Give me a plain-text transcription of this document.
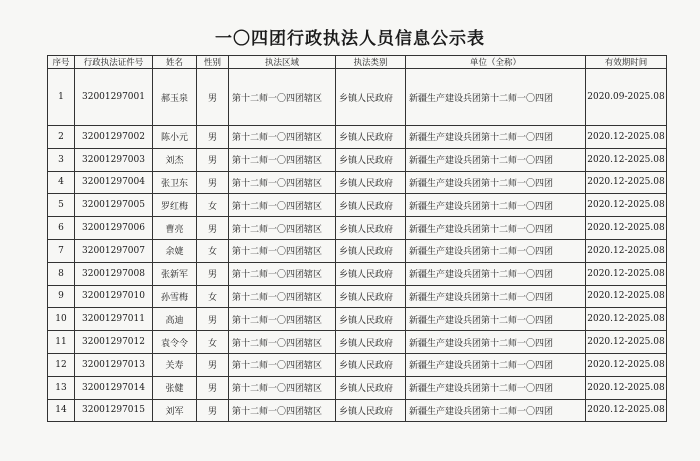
一〇四团行政执法人员信息公示表
序号	行政执法证件号	姓名	性别	执法区域	执法类别	单位（全称）	有效期时间
1	32001297001	郝玉泉	男	第十二师一〇四团辖区	乡镇人民政府	新疆生产建设兵团第十二师一〇四团	2020.09-2025.08
2	32001297002	陈小元	男	第十二师一〇四团辖区	乡镇人民政府	新疆生产建设兵团第十二师一〇四团	2020.12-2025.08
3	32001297003	刘杰	男	第十二师一〇四团辖区	乡镇人民政府	新疆生产建设兵团第十二师一〇四团	2020.12-2025.08
4	32001297004	张卫东	男	第十二师一〇四团辖区	乡镇人民政府	新疆生产建设兵团第十二师一〇四团	2020.12-2025.08
5	32001297005	罗红梅	女	第十二师一〇四团辖区	乡镇人民政府	新疆生产建设兵团第十二师一〇四团	2020.12-2025.08
6	32001297006	曹亮	男	第十二师一〇四团辖区	乡镇人民政府	新疆生产建设兵团第十二师一〇四团	2020.12-2025.08
7	32001297007	余婕	女	第十二师一〇四团辖区	乡镇人民政府	新疆生产建设兵团第十二师一〇四团	2020.12-2025.08
8	32001297008	张新军	男	第十二师一〇四团辖区	乡镇人民政府	新疆生产建设兵团第十二师一〇四团	2020.12-2025.08
9	32001297010	孙雪梅	女	第十二师一〇四团辖区	乡镇人民政府	新疆生产建设兵团第十二师一〇四团	2020.12-2025.08
10	32001297011	高迪	男	第十二师一〇四团辖区	乡镇人民政府	新疆生产建设兵团第十二师一〇四团	2020.12-2025.08
11	32001297012	袁令令	女	第十二师一〇四团辖区	乡镇人民政府	新疆生产建设兵团第十二师一〇四团	2020.12-2025.08
12	32001297013	关寿	男	第十二师一〇四团辖区	乡镇人民政府	新疆生产建设兵团第十二师一〇四团	2020.12-2025.08
13	32001297014	张健	男	第十二师一〇四团辖区	乡镇人民政府	新疆生产建设兵团第十二师一〇四团	2020.12-2025.08
14	32001297015	刘军	男	第十二师一〇四团辖区	乡镇人民政府	新疆生产建设兵团第十二师一〇四团	2020.12-2025.08
